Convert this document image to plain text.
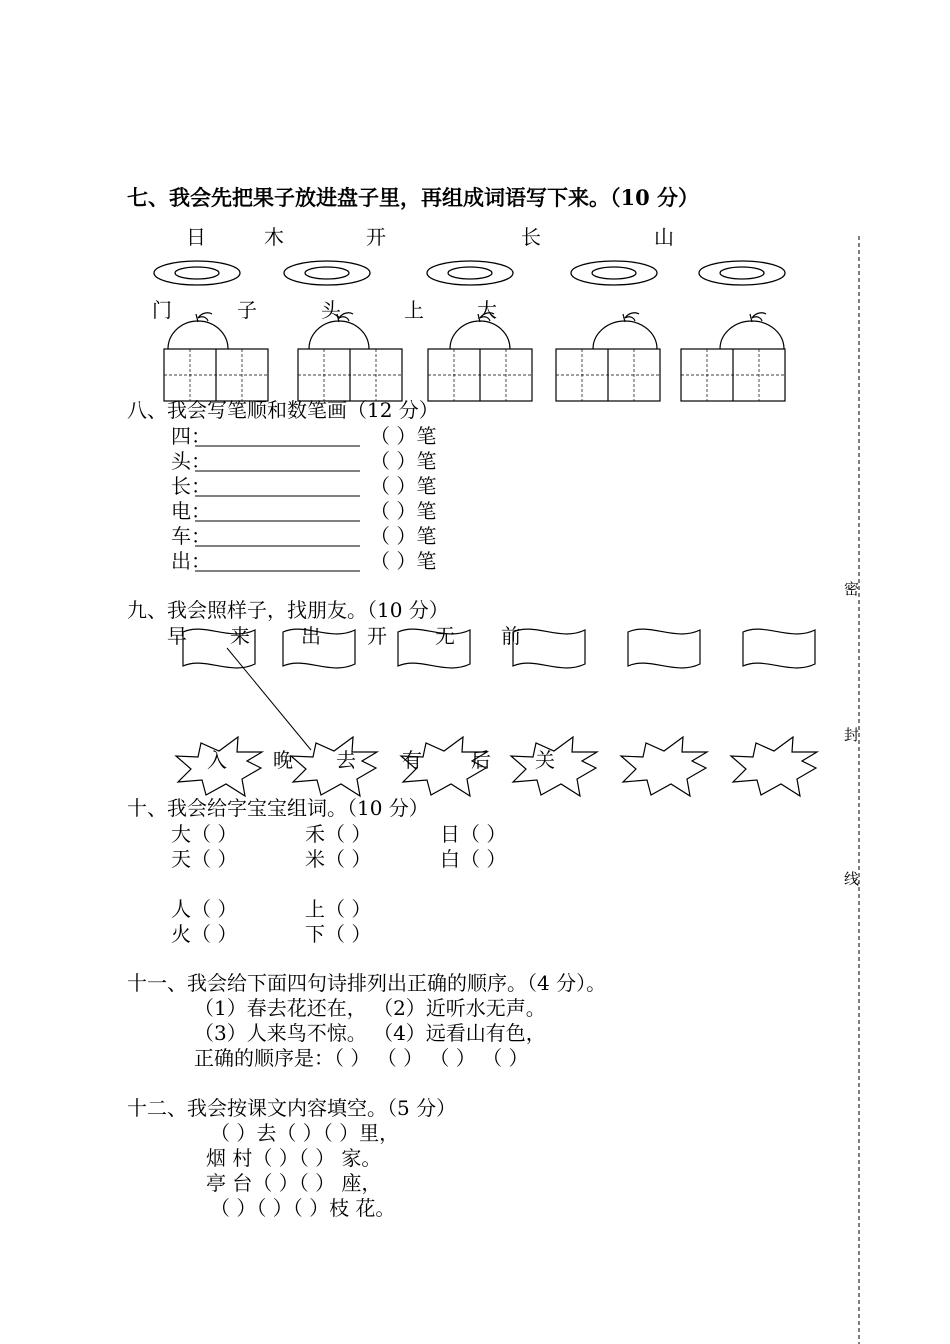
七、我会先把果子放进盘子里，再组成词语写下来。（10 分）
日	木	开	长	山
门	子	头	上	大
八、我会写笔顺和数笔画（12 分）
四：	（ ）笔
头：	（ ）笔
长：	（ ）笔
电：	（ ）笔
车：	（ ）笔
出：	（ ）笔
九、我会照样子，找朋友。（10 分）
早 来	出 开 无 前
入 晚 去 有 后 关
十、我会给字宝宝组词。（10 分）
大（ ）	禾（ ）	日（ ）
天（ ）	米（ ）	白（ ）
人（ ）	上（ ）
火（ ）	下（ ）
十一、我会给下面四句诗排列出正确的顺序。（4 分）。
（1）春去花还在， （2）近听水无声。
（3）人来鸟不惊。 （4）远看山有色，
正确的顺序是：（ ） （ ） （ ） （ ）
十二、我会按课文内容填空。（5 分）
（ ）去（ ）（ ）里，
烟 村（ ）（ ） 家。
亭 台（ ）（ ） 座，
（ ）（ ）（ ）枝 花。
密
封
线
